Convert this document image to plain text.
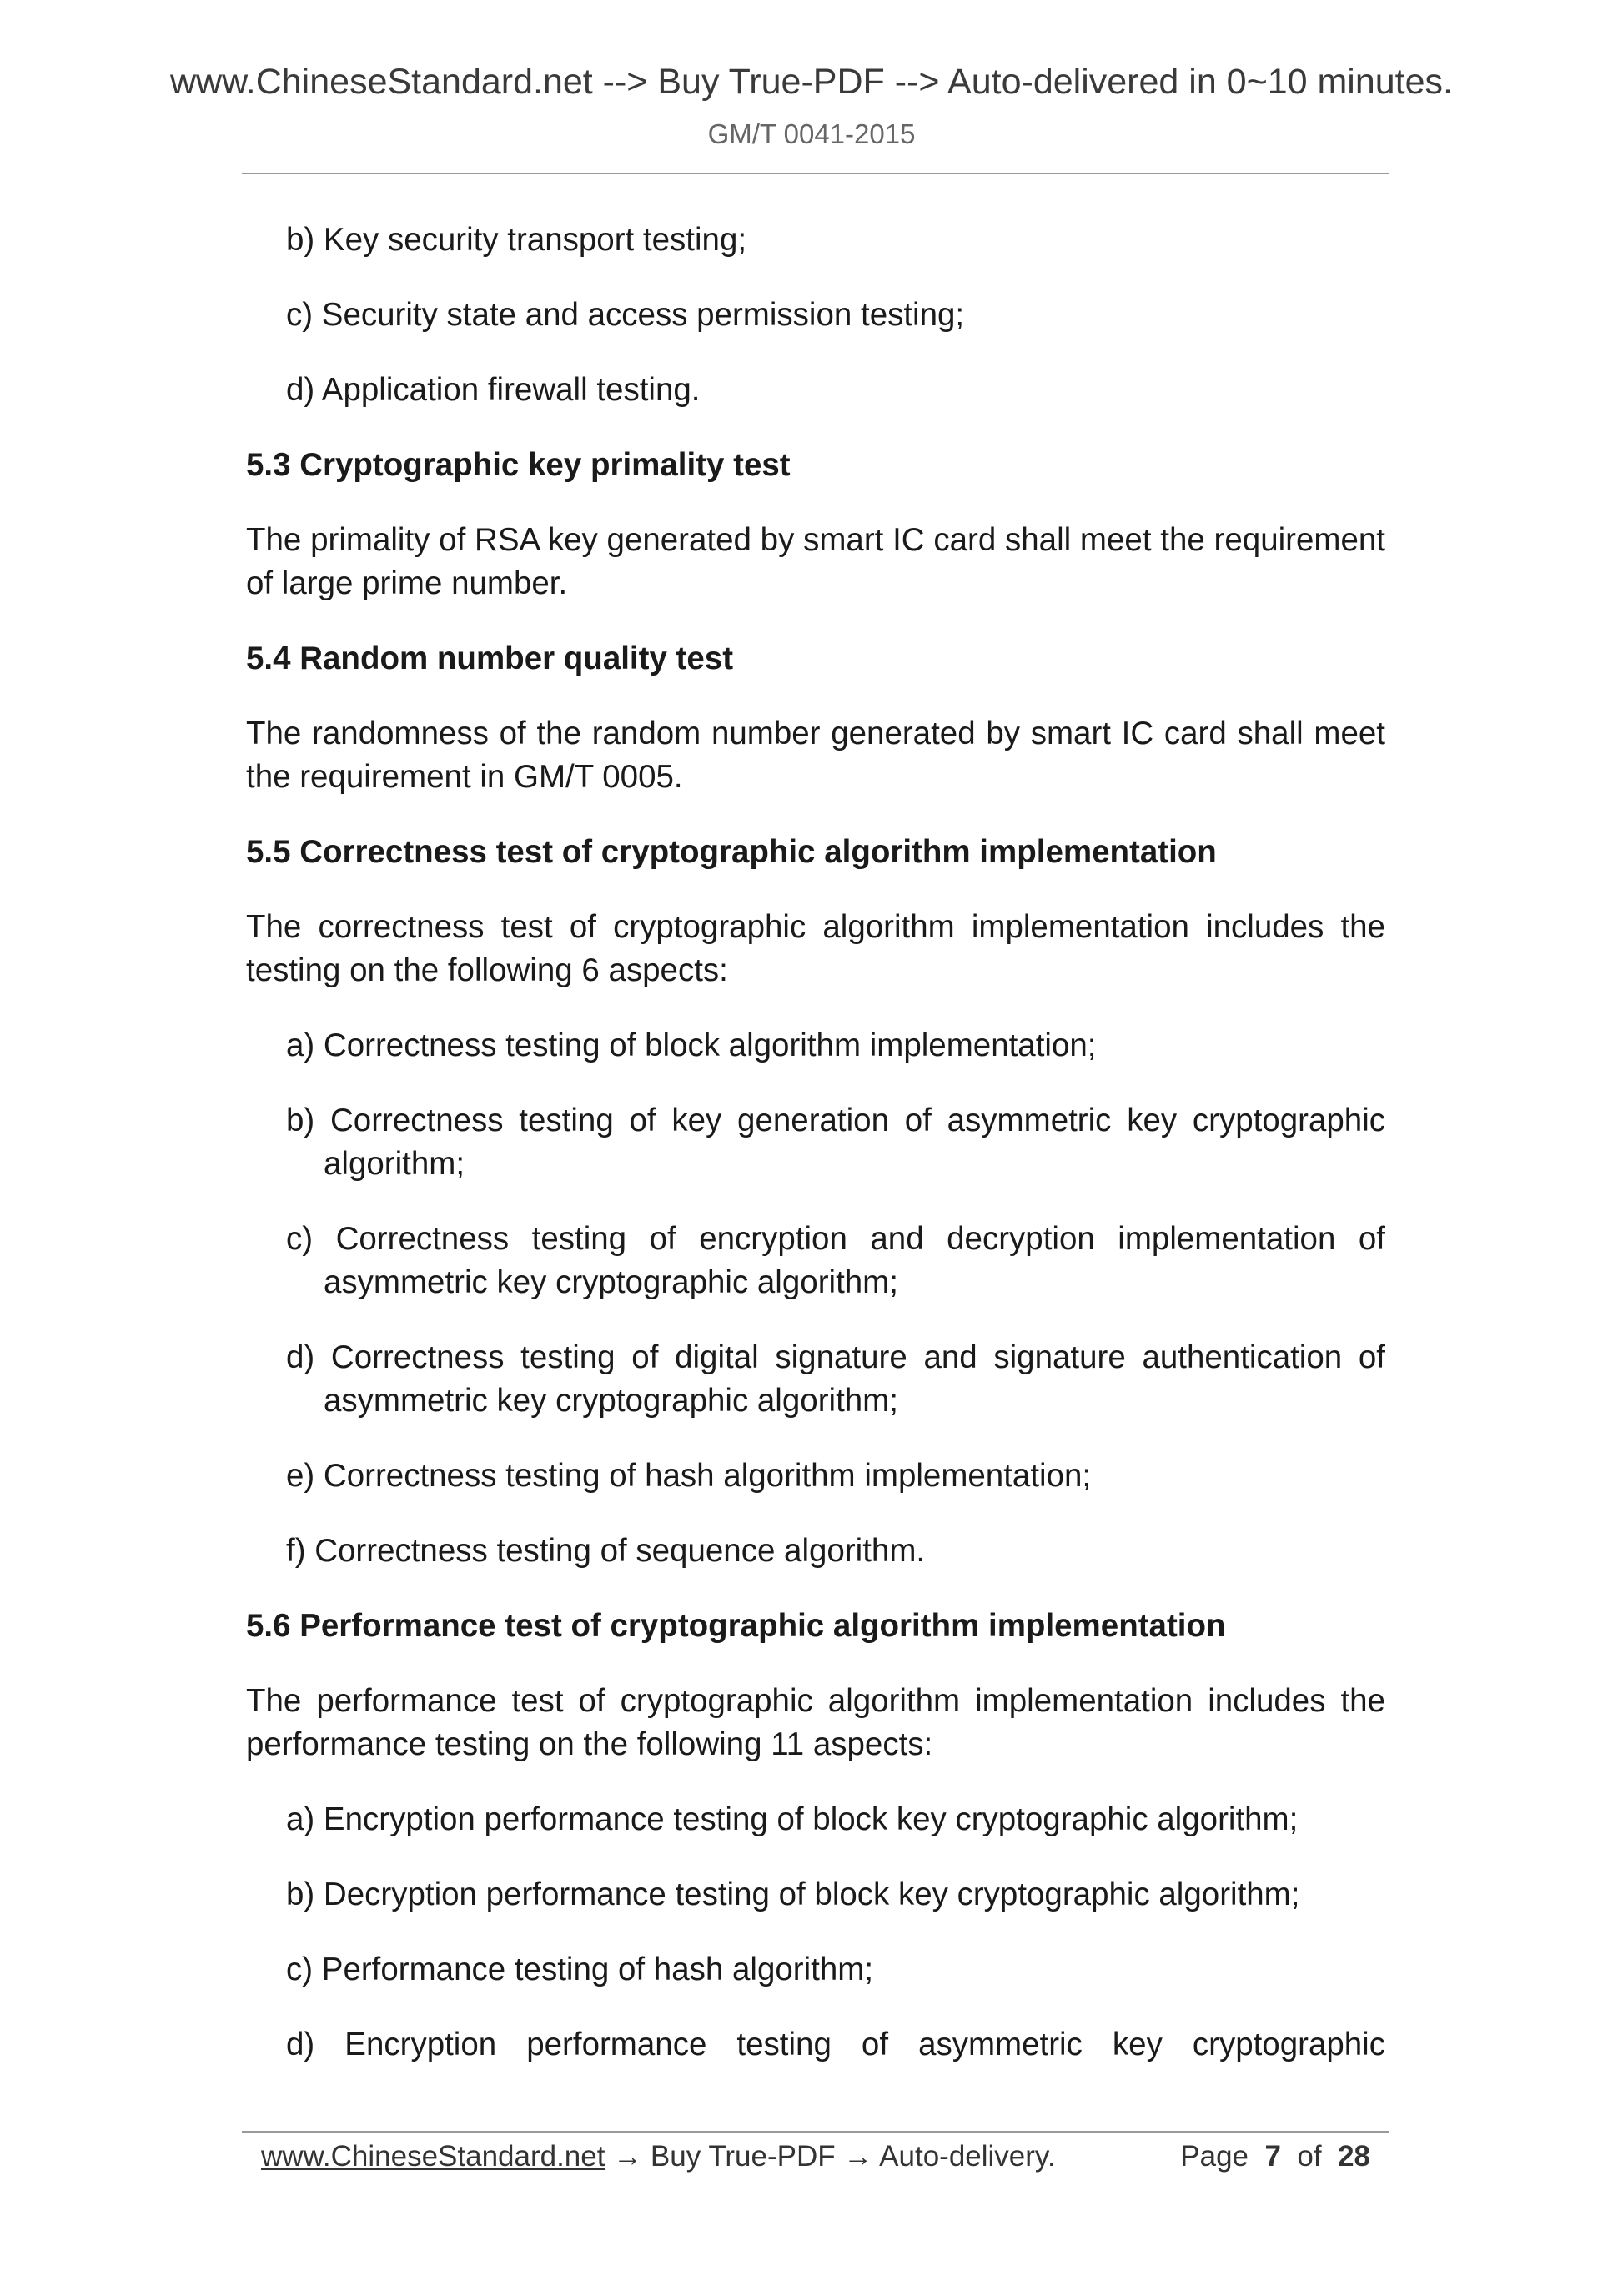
www.ChineseStandard.net --> Buy True-PDF --> Auto-delivered in 0~10 minutes.
GM/T 0041-2015

b) Key security transport testing;

c) Security state and access permission testing;

d) Application firewall testing.

5.3 Cryptographic key primality test

The primality of RSA key generated by smart IC card shall meet the requirement of large prime number.

5.4 Random number quality test

The randomness of the random number generated by smart IC card shall meet the requirement in GM/T 0005.

5.5 Correctness test of cryptographic algorithm implementation

The correctness test of cryptographic algorithm implementation includes the testing on the following 6 aspects:

a) Correctness testing of block algorithm implementation;

b) Correctness testing of key generation of asymmetric key cryptographic algorithm;

c) Correctness testing of encryption and decryption implementation of asymmetric key cryptographic algorithm;

d) Correctness testing of digital signature and signature authentication of asymmetric key cryptographic algorithm;

e) Correctness testing of hash algorithm implementation;

f) Correctness testing of sequence algorithm.

5.6 Performance test of cryptographic algorithm implementation

The performance test of cryptographic algorithm implementation includes the performance testing on the following 11 aspects:

a) Encryption performance testing of block key cryptographic algorithm;

b) Decryption performance testing of block key cryptographic algorithm;

c) Performance testing of hash algorithm;

d) Encryption performance testing of asymmetric key cryptographic

www.ChineseStandard.net → Buy True-PDF → Auto-delivery.	Page 7 of 28
